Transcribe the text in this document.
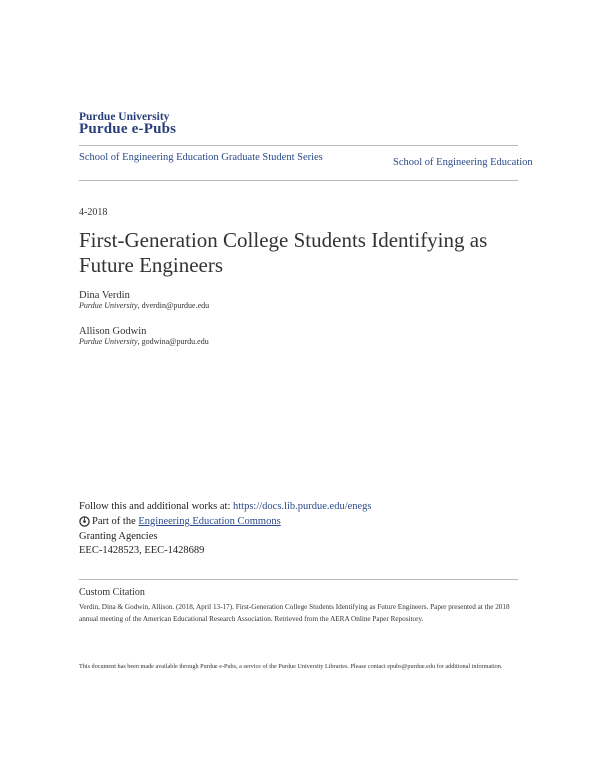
Purdue University
Purdue e-Pubs
School of Engineering Education Graduate Student Series	School of Engineering Education
4-2018
First-Generation College Students Identifying as Future Engineers
Dina Verdin
Purdue University, dverdin@purdue.edu
Allison Godwin
Purdue University, godwina@purdu.edu
Follow this and additional works at: https://docs.lib.purdue.edu/enegs
Part of the
Engineering Education Commons
Granting Agencies
EEC-1428523, EEC-1428689
Custom Citation
Verdin, Dina & Godwin, Allison. (2018, April 13-17). First-Generation College Students Identifying as Future Engineers. Paper presented at the 2018 annual meeting of the American Educational Research Association. Retrieved from the AERA Online Paper Repository.
This document has been made available through Purdue e-Pubs, a service of the Purdue University Libraries. Please contact epubs@purdue.edu for additional information.
